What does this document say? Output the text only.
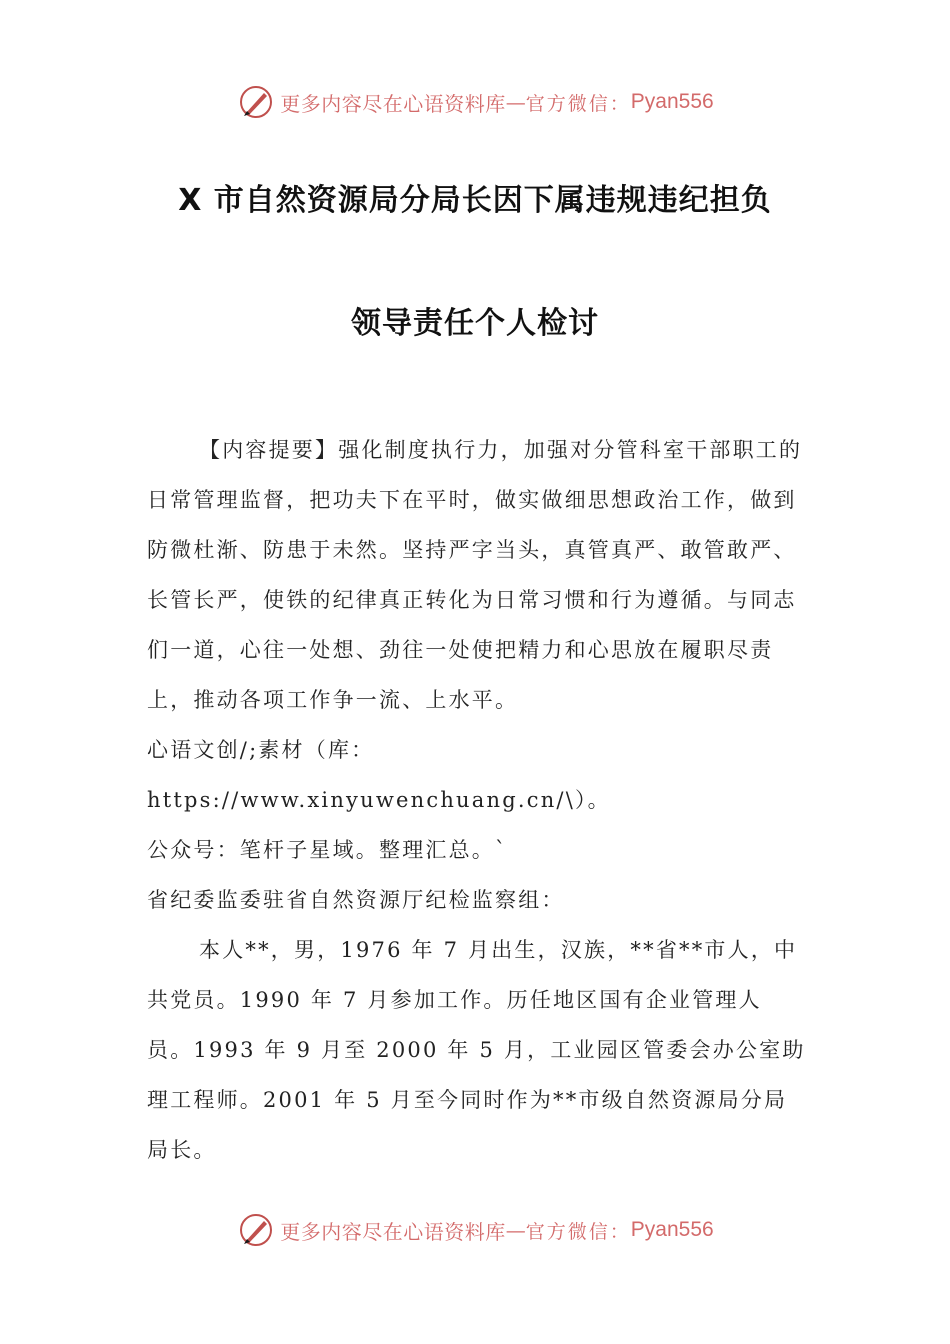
更多内容尽在心语资料库 — 官方微信： Pyan556
X 市自然资源局分局长因下属违规违纪担负
领导责任个人检讨

【内容提要】强化制度执行力，加强对分管科室干部职工的日常管理监督，把功夫下在平时，做实做细思想政治工作，做到防微杜渐、防患于未然。坚持严字当头，真管真严、敢管敢严、长管长严，使铁的纪律真正转化为日常习惯和行为遵循。与同志们一道，心往一处想、劲往一处使把精力和心思放在履职尽责上，推动各项工作争一流、上水平。

心语文创/;素材（库：https://www.xinyuwenchuang.cn/\）。

公众号：笔杆子星域。整理汇总。`

省纪委监委驻省自然资源厅纪检监察组：

本人**，男，1976 年 7 月出生，汉族，**省**市人，中共党员。1990 年 7 月参加工作。历任地区国有企业管理人员。1993 年 9 月至 2000 年 5 月，工业园区管委会办公室助理工程师。2001 年 5 月至今同时作为**市级自然资源局分局局长。

更多内容尽在心语资料库 — 官方微信： Pyan556
